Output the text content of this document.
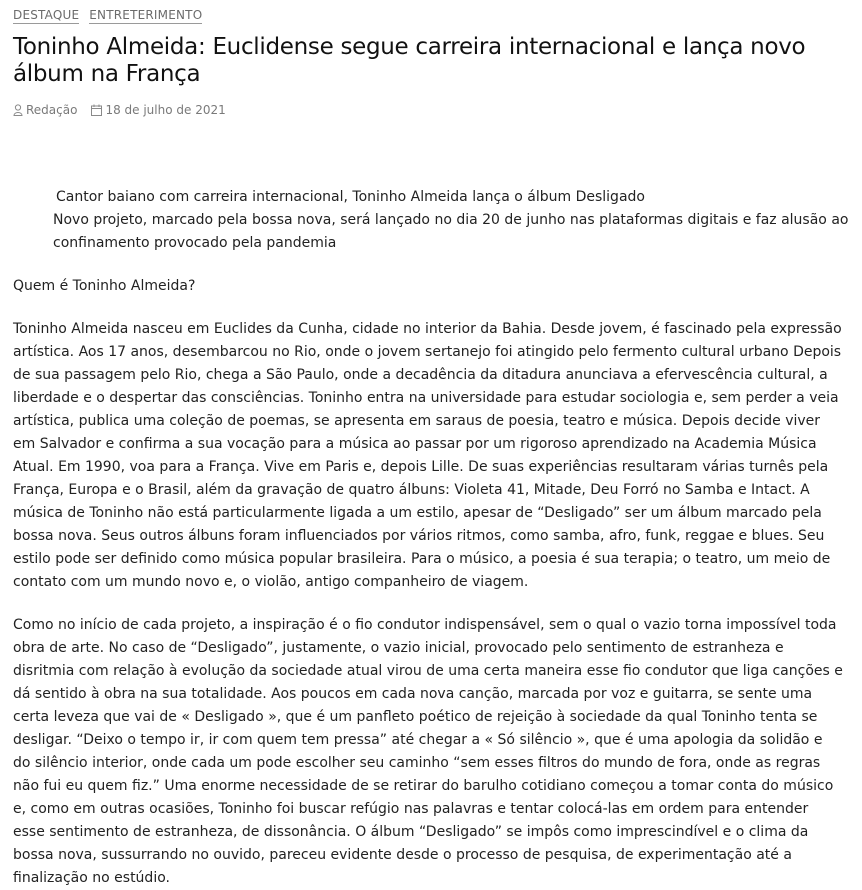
DESTAQUE ENTRETERIMENTO
Toninho Almeida: Euclidense segue carreira internacional e lança novo álbum na França
Redação 18 de julho de 2021
Cantor baiano com carreira internacional, Toninho Almeida lança o álbum Desligado
Novo projeto, marcado pela bossa nova, será lançado no dia 20 de junho nas plataformas digitais e faz alusão ao confinamento provocado pela pandemia

Quem é Toninho Almeida?

Toninho Almeida nasceu em Euclides da Cunha, cidade no interior da Bahia. Desde jovem, é fascinado pela expressão artística. Aos 17 anos, desembarcou no Rio, onde o jovem sertanejo foi atingido pelo fermento cultural urbano Depois de sua passagem pelo Rio, chega a São Paulo, onde a decadência da ditadura anunciava a efervescência cultural, a liberdade e o despertar das consciências. Toninho entra na universidade para estudar sociologia e, sem perder a veia artística, publica uma coleção de poemas, se apresenta em saraus de poesia, teatro e música. Depois decide viver em Salvador e confirma a sua vocação para a música ao passar por um rigoroso aprendizado na Academia Música Atual. Em 1990, voa para a França. Vive em Paris e, depois Lille. De suas experiências resultaram várias turnês pela França, Europa e o Brasil, além da gravação de quatro álbuns: Violeta 41, Mitade, Deu Forró no Samba e Intact. A música de Toninho não está particularmente ligada a um estilo, apesar de “Desligado” ser um álbum marcado pela bossa nova. Seus outros álbuns foram influenciados por vários ritmos, como samba, afro, funk, reggae e blues. Seu estilo pode ser definido como música popular brasileira. Para o músico, a poesia é sua terapia; o teatro, um meio de contato com um mundo novo e, o violão, antigo companheiro de viagem.

Como no início de cada projeto, a inspiração é o fio condutor indispensável, sem o qual o vazio torna impossível toda obra de arte. No caso de “Desligado”, justamente, o vazio inicial, provocado pelo sentimento de estranheza e disritmia com relação à evolução da sociedade atual virou de uma certa maneira esse fio condutor que liga canções e dá sentido à obra na sua totalidade. Aos poucos em cada nova canção, marcada por voz e guitarra, se sente uma certa leveza que vai de « Desligado », que é um panfleto poético de rejeição à sociedade da qual Toninho tenta se desligar. “Deixo o tempo ir, ir com quem tem pressa” até chegar a « Só silêncio », que é uma apologia da solidão e do silêncio interior, onde cada um pode escolher seu caminho “sem esses filtros do mundo de fora, onde as regras não fui eu quem fiz.” Uma enorme necessidade de se retirar do barulho cotidiano começou a tomar conta do músico e, como em outras ocasiões, Toninho foi buscar refúgio nas palavras e tentar colocá-las em ordem para entender esse sentimento de estranheza, de dissonância. O álbum “Desligado” se impôs como imprescindível e o clima da bossa nova, sussurrando no ouvido, pareceu evidente desde o processo de pesquisa, de experimentação até a finalização no estúdio.
